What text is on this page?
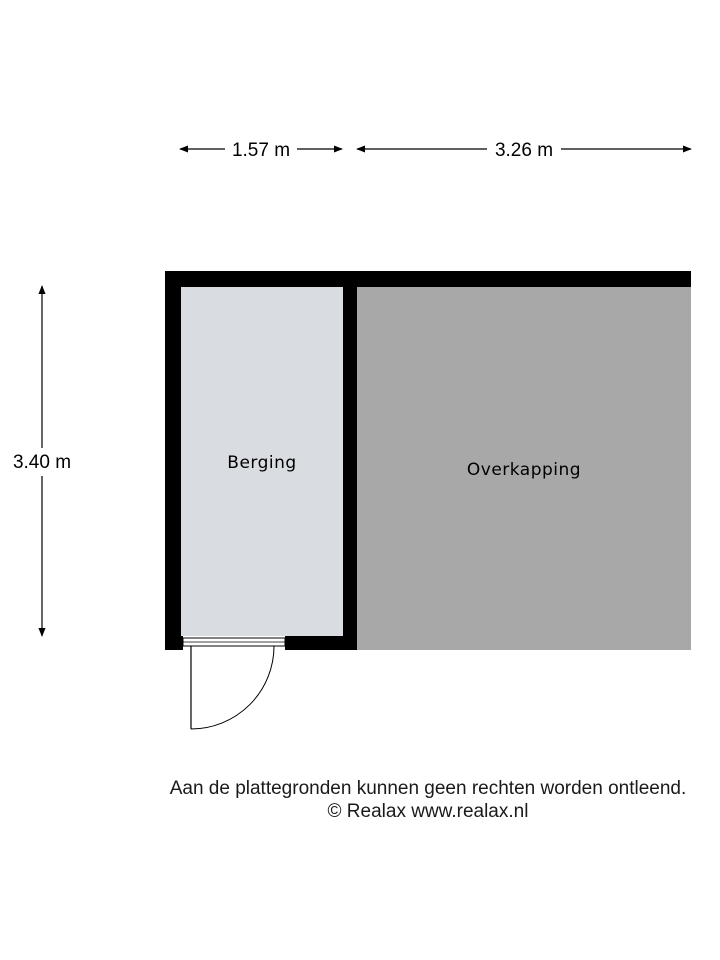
1.57 m	3.26 m
3.40 m	Berging	Overkapping
Aan de plattegronden kunnen geen rechten worden ontleend.
© Realax www.realax.nl
